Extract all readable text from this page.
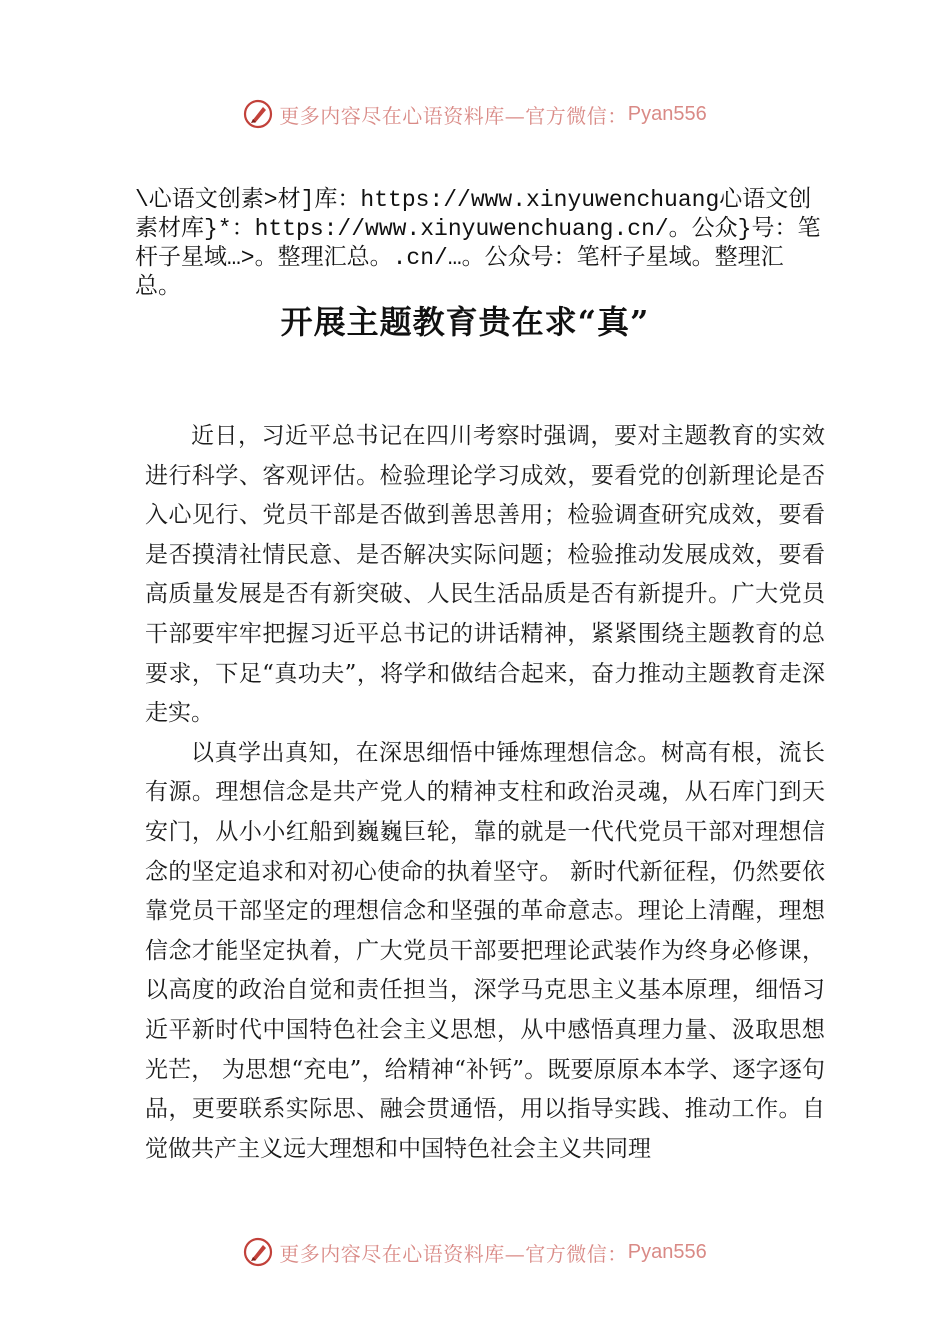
更多内容尽在心语资料库—官方微信： Pyan556
\心语文创素>材]库：https://www.xinyuwenchuang心语文创素材库}*：https://www.xinyuwenchuang.cn/。公众}号：笔杆子星域…>。整理汇总。.cn/…。公众号：笔杆子星域。整理汇总。
开展主题教育贵在求“真”

近日，习近平总书记在四川考察时强调，要对主题教育的实效进行科学、客观评估。检验理论学习成效，要看党的创新理论是否入心见行、党员干部是否做到善思善用；检验调查研究成效，要看是否摸清社情民意、是否解决实际问题；检验推动发展成效，要看高质量发展是否有新突破、人民生活品质是否有新提升。广大党员干部要牢牢把握习近平总书记的讲话精神，紧紧围绕主题教育的总要求，下足“真功夫”，将学和做结合起来，奋力推动主题教育走深走实。

以真学出真知，在深思细悟中锤炼理想信念。树高有根，流长有源。理想信念是共产党人的精神支柱和政治灵魂，从石库门到天安门，从小小红船到巍巍巨轮，靠的就是一代代党员干部对理想信念的坚定追求和对初心使命的执着坚守。 新时代新征程，仍然要依靠党员干部坚定的理想信念和坚强的革命意志。理论上清醒，理想信念才能坚定执着，广大党员干部要把理论武装作为终身必修课，以高度的政治自觉和责任担当，深学马克思主义基本原理，细悟习近平新时代中国特色社会主义思想，从中感悟真理力量、汲取思想光芒， 为思想“充电”，给精神“补钙”。既要原原本本学、逐字逐句品，更要联系实际思、融会贯通悟，用以指导实践、推动工作。自觉做共产主义远大理想和中国特色社会主义共同理

更多内容尽在心语资料库—官方微信： Pyan556
